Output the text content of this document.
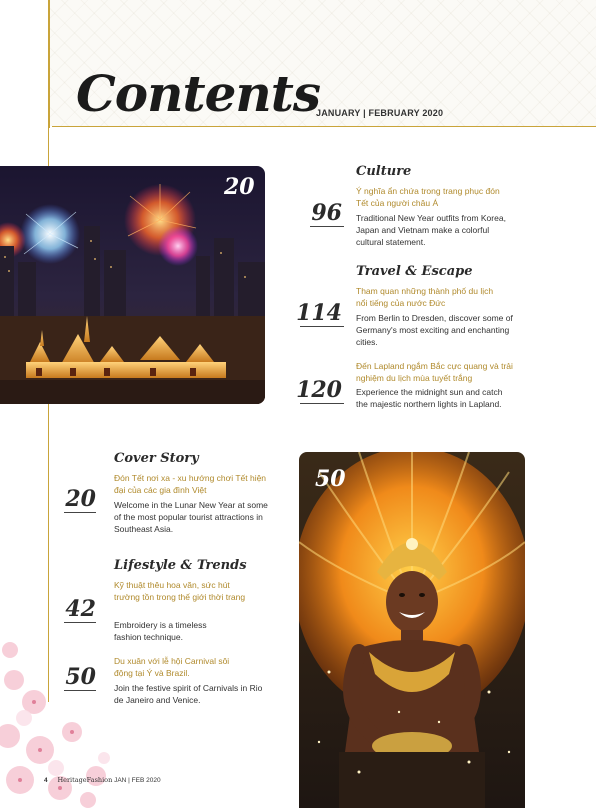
Contents
JANUARY | FEBRUARY 2020
20
Culture
96
Ý nghĩa ẩn chứa trong trang phục đón Tết của người châu Á
Traditional New Year outfits from Korea, Japan and Vietnam make a colorful cultural statement.
Travel & Escape
114
Tham quan những thành phố du lịch nổi tiếng của nước Đức
From Berlin to Dresden, discover some of Germany's most exciting and enchanting cities.
120
Đến Lapland ngắm Bắc cực quang và trải nghiệm du lịch mùa tuyết trắng
Experience the midnight sun and catch the majestic northern lights in Lapland.
Cover Story
20
Đón Tết nơi xa - xu hướng chơi Tết hiện đại của các gia đình Việt
Welcome in the Lunar New Year at some of the most popular tourist attractions in Southeast Asia.
Lifestyle & Trends
42
Kỹ thuật thêu hoa văn, sức hút trường tồn trong thế giới thời trang
Embroidery is a timeless fashion technique.
50
Du xuân với lễ hội Carnival sôi động tại Ý và Brazil.
Join the festive spirit of Carnivals in Rio de Janeiro and Venice.
50
4 HeritageFashion JAN | FEB 2020
